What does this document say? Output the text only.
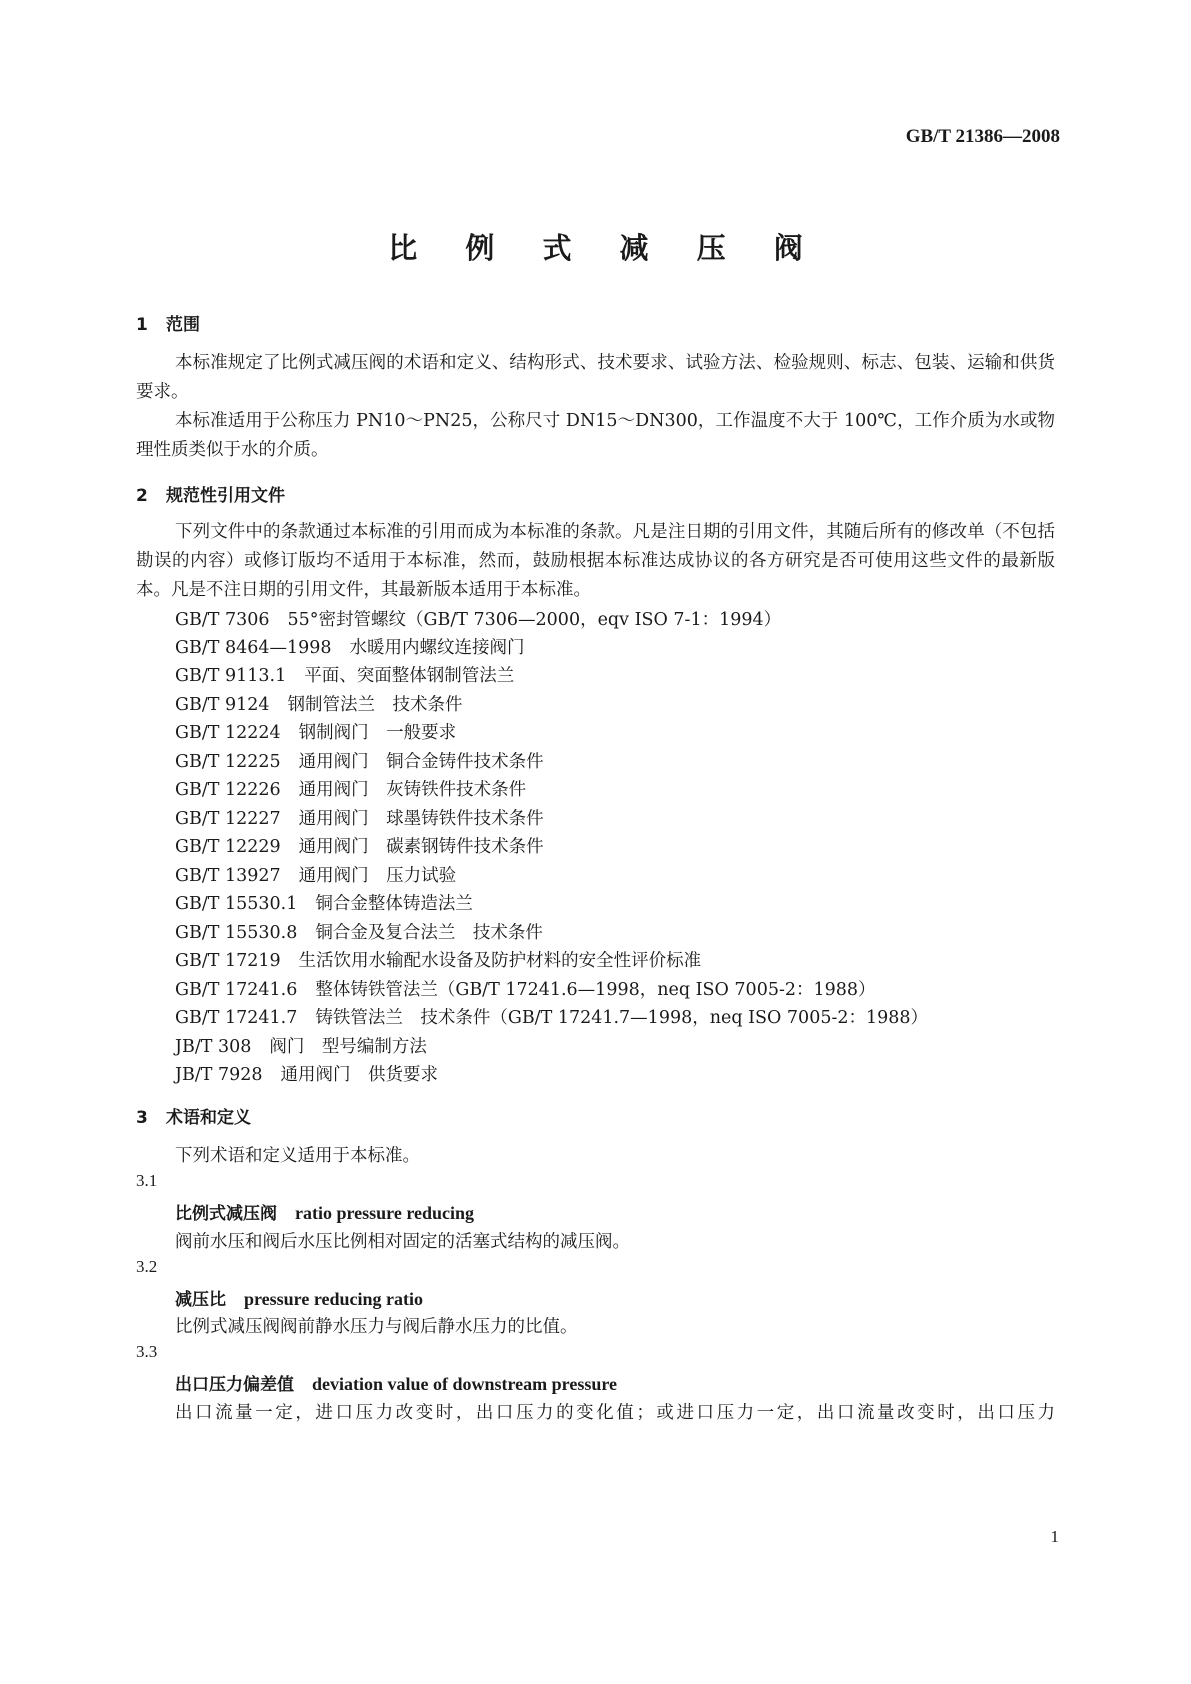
GB/T 21386—2008
比 例 式 减 压 阀
1 范围
本标准规定了比例式减压阀的术语和定义、结构形式、技术要求、试验方法、检验规则、标志、包装、运输和供货要求。
本标准适用于公称压力 PN10～PN25，公称尺寸 DN15～DN300，工作温度不大于 100℃，工作介质为水或物理性质类似于水的介质。
2 规范性引用文件
下列文件中的条款通过本标准的引用而成为本标准的条款。凡是注日期的引用文件，其随后所有的修改单（不包括勘误的内容）或修订版均不适用于本标准，然而，鼓励根据本标准达成协议的各方研究是否可使用这些文件的最新版本。凡是不注日期的引用文件，其最新版本适用于本标准。
GB/T 7306 55°密封管螺纹（GB/T 7306—2000，eqv ISO 7-1：1994）
GB/T 8464—1998 水暖用内螺纹连接阀门
GB/T 9113.1 平面、突面整体钢制管法兰
GB/T 9124 钢制管法兰　技术条件
GB/T 12224 钢制阀门　一般要求
GB/T 12225 通用阀门　铜合金铸件技术条件
GB/T 12226 通用阀门　灰铸铁件技术条件
GB/T 12227 通用阀门　球墨铸铁件技术条件
GB/T 12229 通用阀门　碳素钢铸件技术条件
GB/T 13927 通用阀门　压力试验
GB/T 15530.1 铜合金整体铸造法兰
GB/T 15530.8 铜合金及复合法兰　技术条件
GB/T 17219 生活饮用水输配水设备及防护材料的安全性评价标准
GB/T 17241.6 整体铸铁管法兰（GB/T 17241.6—1998，neq ISO 7005-2：1988）
GB/T 17241.7 铸铁管法兰　技术条件（GB/T 17241.7—1998，neq ISO 7005-2：1988）
JB/T 308 阀门　型号编制方法
JB/T 7928 通用阀门　供货要求
3 术语和定义
下列术语和定义适用于本标准。
3.1
比例式减压阀 ratio pressure reducing
阀前水压和阀后水压比例相对固定的活塞式结构的减压阀。
3.2
减压比 pressure reducing ratio
比例式减压阀阀前静水压力与阀后静水压力的比值。
3.3
出口压力偏差值 deviation value of downstream pressure
出口流量一定，进口压力改变时，出口压力的变化值；或进口压力一定，出口流量改变时，出口压力
1
